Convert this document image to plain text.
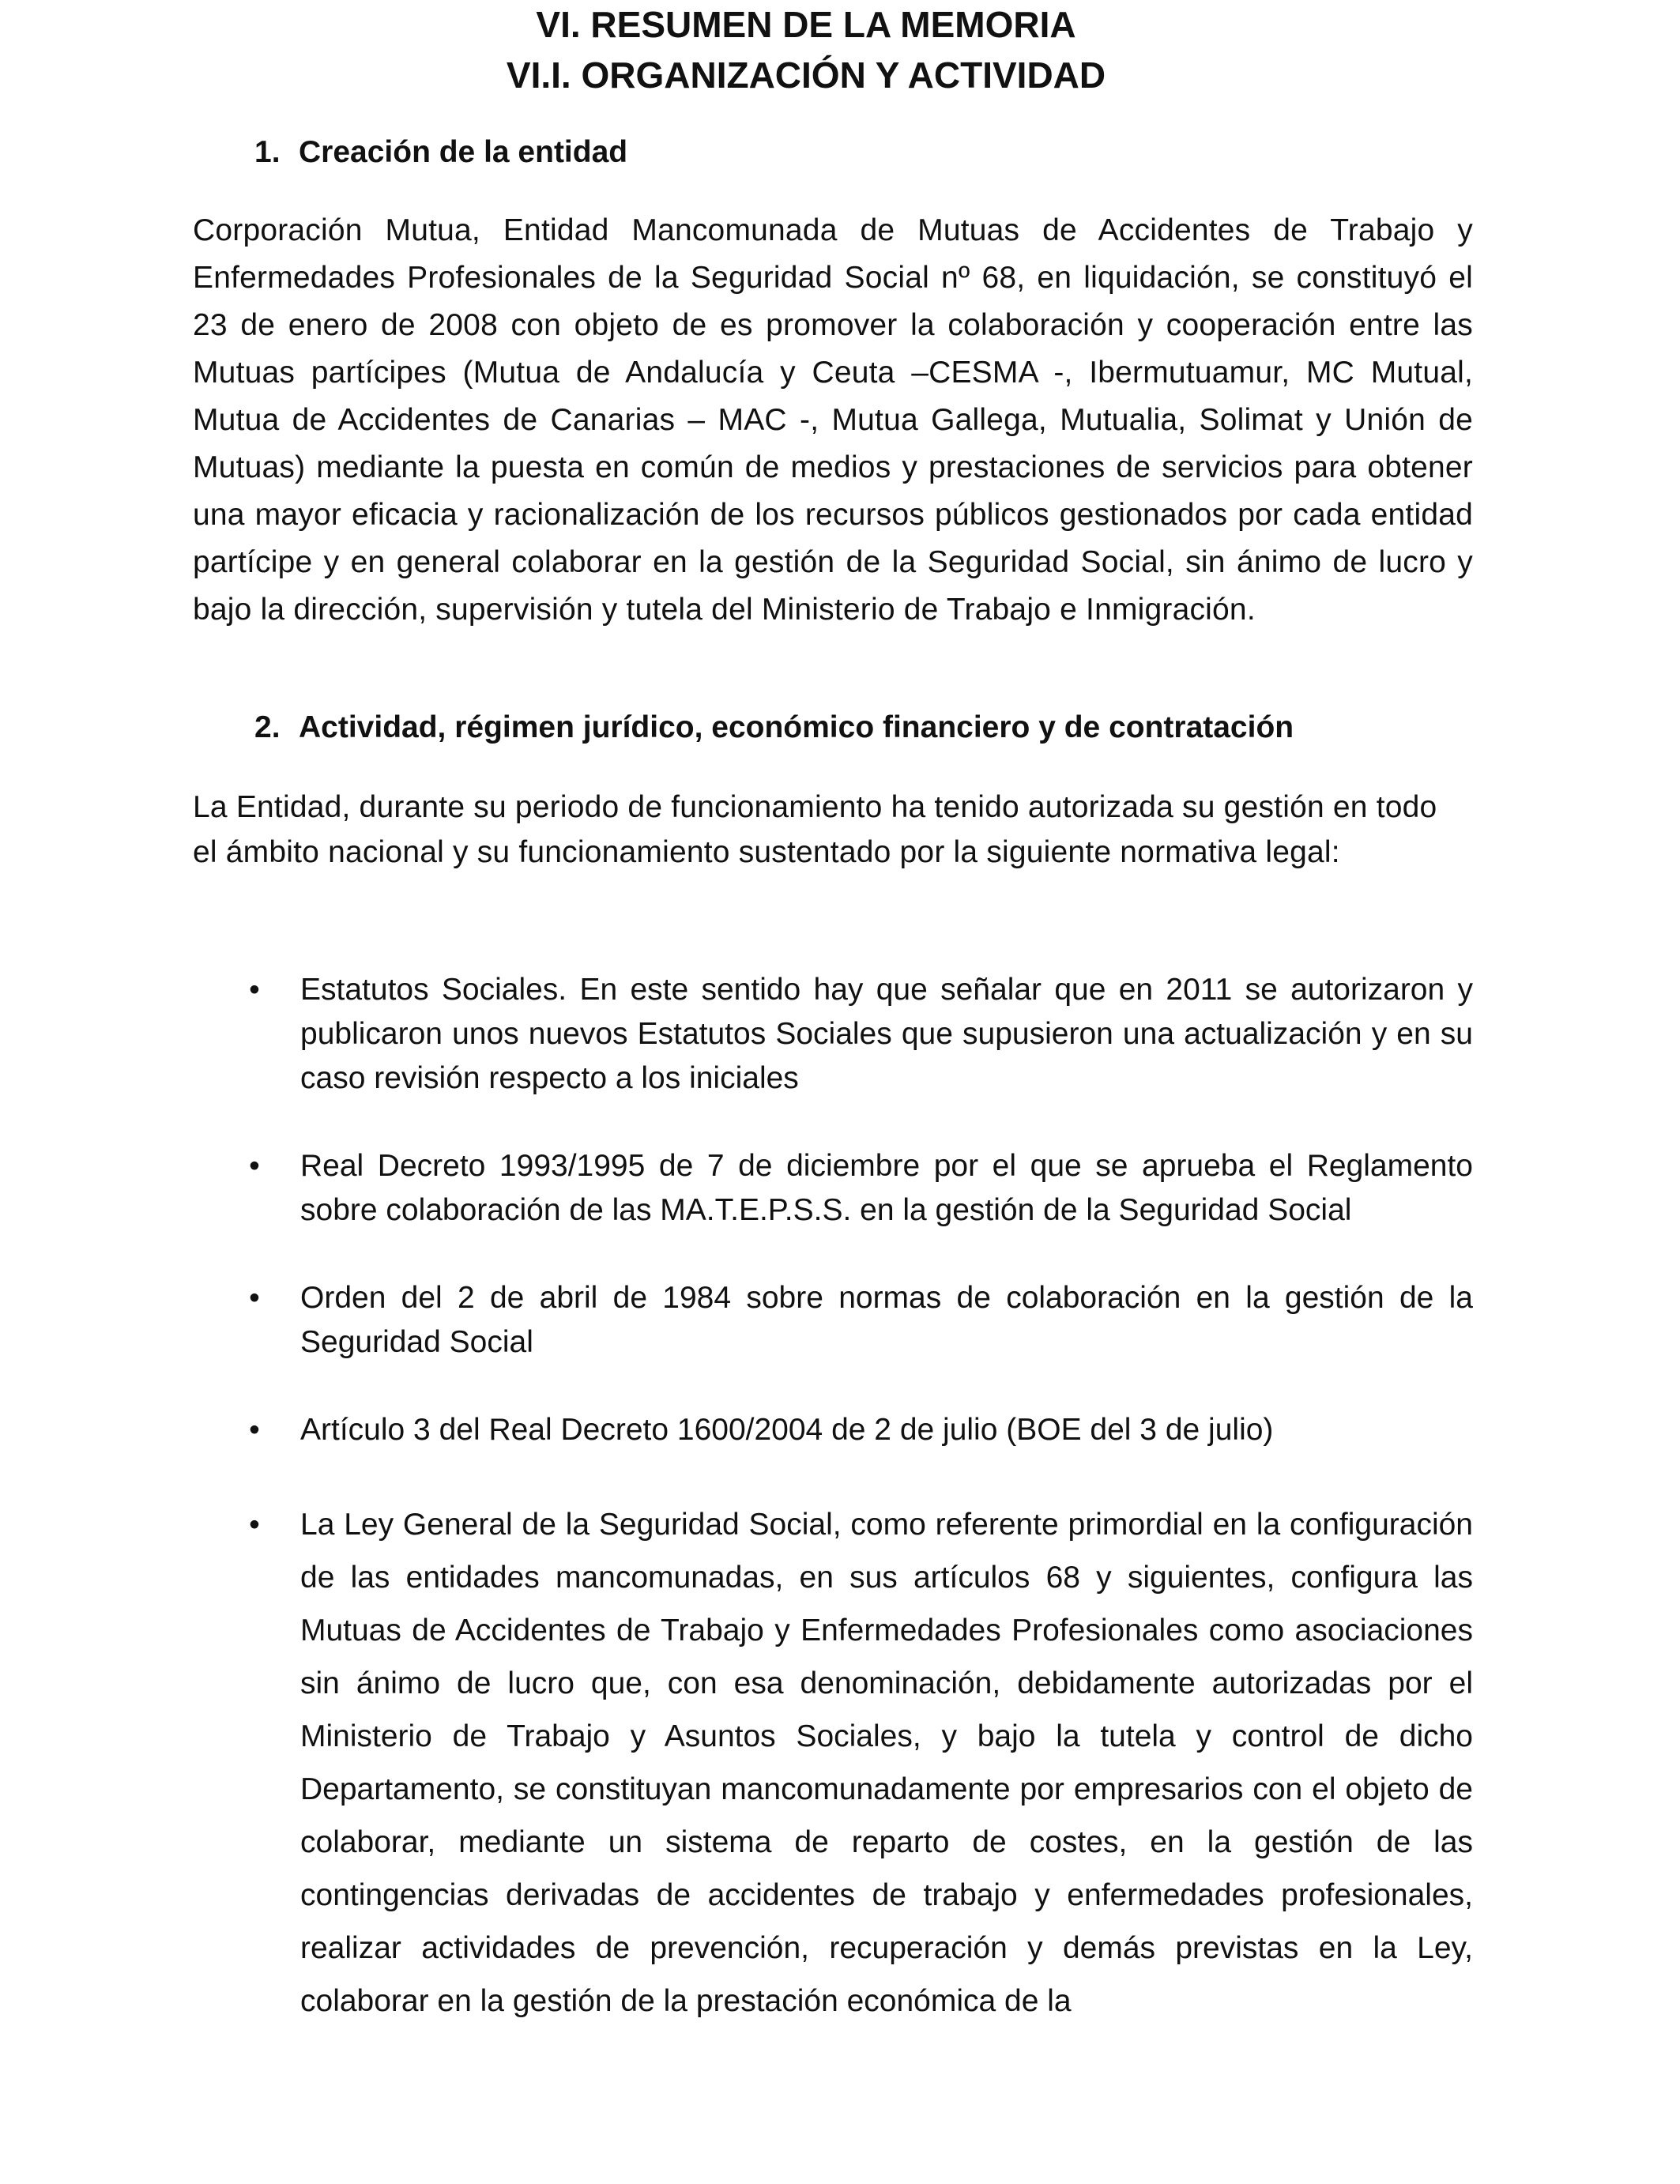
VI. RESUMEN DE LA MEMORIA
VI.I. ORGANIZACIÓN Y ACTIVIDAD
1. Creación de la entidad

Corporación Mutua, Entidad Mancomunada de Mutuas de Accidentes de Trabajo y Enfermedades Profesionales de la Seguridad Social nº 68, en liquidación, se constituyó el 23 de enero de 2008 con objeto de es promover la colaboración y cooperación entre las Mutuas partícipes (Mutua de Andalucía y Ceuta –CESMA -, Ibermutuamur, MC Mutual, Mutua de Accidentes de Canarias – MAC -, Mutua Gallega, Mutualia, Solimat y Unión de Mutuas) mediante la puesta en común de medios y prestaciones de servicios para obtener una mayor eficacia y racionalización de los recursos públicos gestionados por cada entidad partícipe y en general colaborar en la gestión de la Seguridad Social, sin ánimo de lucro y bajo la dirección, supervisión y tutela del Ministerio de Trabajo e Inmigración.

2. Actividad, régimen jurídico, económico financiero y de contratación

La Entidad, durante su periodo de funcionamiento ha tenido autorizada su gestión en todo el ámbito nacional y su funcionamiento sustentado por la siguiente normativa legal:

• Estatutos Sociales. En este sentido hay que señalar que en 2011 se autorizaron y publicaron unos nuevos Estatutos Sociales que supusieron una actualización y en su caso revisión respecto a los iniciales
• Real Decreto 1993/1995 de 7 de diciembre por el que se aprueba el Reglamento sobre colaboración de las MA.T.E.P.S.S. en la gestión de la Seguridad Social
• Orden del 2 de abril de 1984 sobre normas de colaboración en la gestión de la Seguridad Social
• Artículo 3 del Real Decreto 1600/2004 de 2 de julio (BOE del 3 de julio)
• La Ley General de la Seguridad Social, como referente primordial en la configuración de las entidades mancomunadas, en sus artículos 68 y siguientes, configura las Mutuas de Accidentes de Trabajo y Enfermedades Profesionales como asociaciones sin ánimo de lucro que, con esa denominación, debidamente autorizadas por el Ministerio de Trabajo y Asuntos Sociales, y bajo la tutela y control de dicho Departamento, se constituyan mancomunadamente por empresarios con el objeto de colaborar, mediante un sistema de reparto de costes, en la gestión de las contingencias derivadas de accidentes de trabajo y enfermedades profesionales, realizar actividades de prevención, recuperación y demás previstas en la Ley, colaborar en la gestión de la prestación económica de la
